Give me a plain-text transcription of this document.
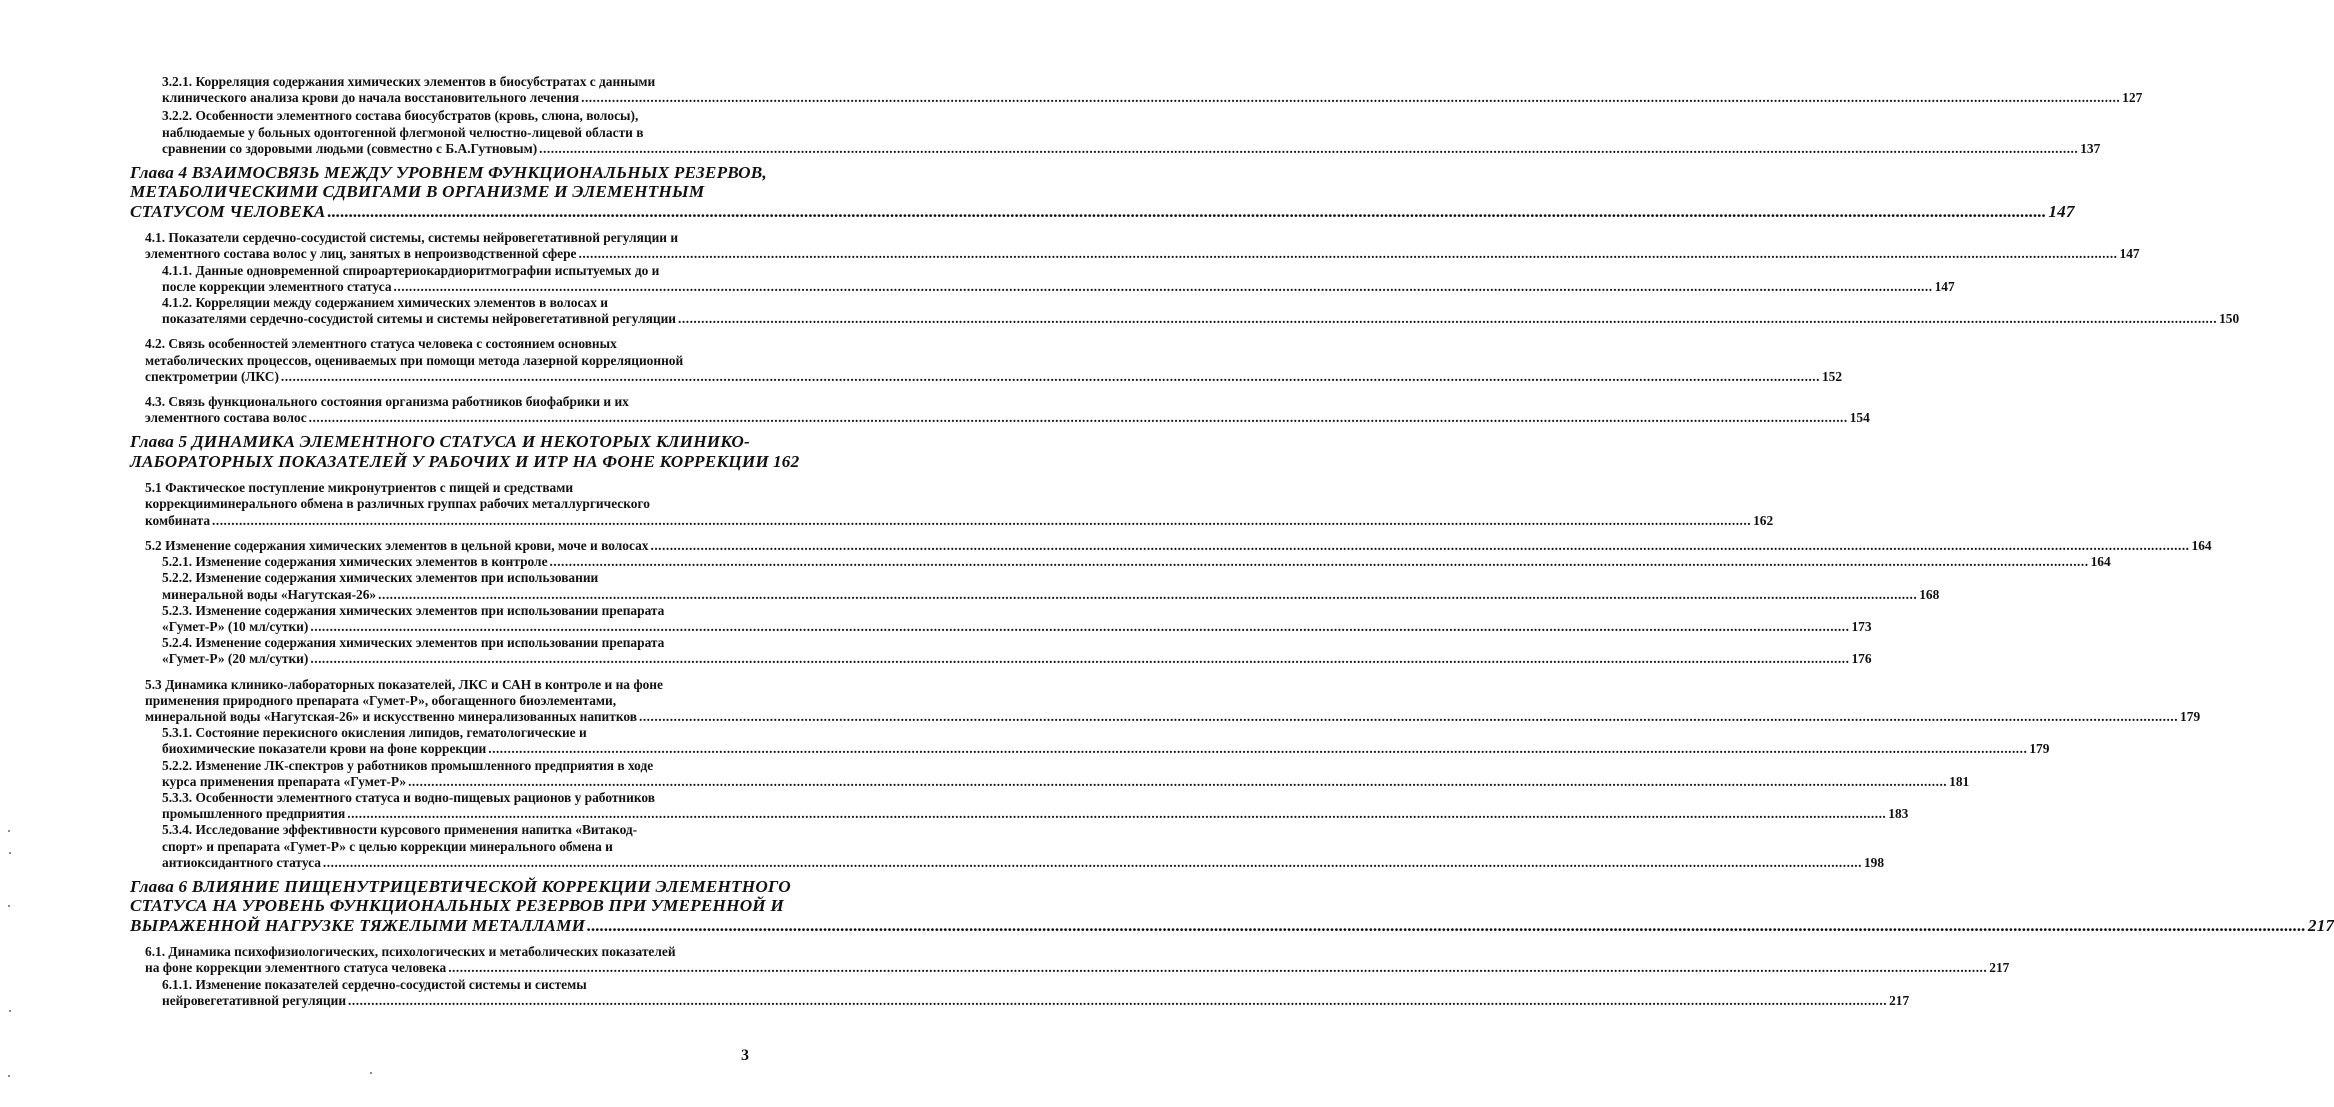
3.2.1. Корреляция содержания химических элементов в биосубстратах с данными
клинического анализа крови до начала восстановительного лечения ................................................................................................................................................................................................................................................................................................................................................................................................................ 127
3.2.2. Особенности элементного состава биосубстратов (кровь, слюна, волосы),
наблюдаемые у больных одонтогенной флегмоной челюстно-лицевой области в
сравнении со здоровыми людьми (совместно с Б.А.Гутновым) ................................................................................................................................................................................................................................................................................................................................................................................................................ 137
Глава 4 ВЗАИМОСВЯЗЬ МЕЖДУ УРОВНЕМ ФУНКЦИОНАЛЬНЫХ РЕЗЕРВОВ,
МЕТАБОЛИЧЕСКИМИ СДВИГАМИ В ОРГАНИЗМЕ И ЭЛЕМЕНТНЫМ
СТАТУСОМ ЧЕЛОВЕКА ................................................................................................................................................................................................................................................................................................................................................................................................................ 147
4.1. Показатели сердечно-сосудистой системы, системы нейровегетативной регуляции и
элементного состава волос у лиц, занятых в непроизводственной сфере ................................................................................................................................................................................................................................................................................................................................................................................................................ 147
4.1.1. Данные одновременной спироартериокардиоритмографии испытуемых до и
после коррекции элементного статуса ................................................................................................................................................................................................................................................................................................................................................................................................................ 147
4.1.2. Корреляции между содержанием химических элементов в волосах и
показателями сердечно-сосудистой ситемы и системы нейровегетативной регуляции ................................................................................................................................................................................................................................................................................................................................................................................................................ 150
4.2. Связь особенностей элементного статуса человека с состоянием основных
метаболических процессов, оцениваемых при помощи метода лазерной корреляционной
спектрометрии (ЛКС) ................................................................................................................................................................................................................................................................................................................................................................................................................ 152
4.3. Связь функционального состояния организма работников биофабрики и их
элементного состава волос ................................................................................................................................................................................................................................................................................................................................................................................................................ 154
Глава 5 ДИНАМИКА ЭЛЕМЕНТНОГО СТАТУСА И НЕКОТОРЫХ КЛИНИКО-
ЛАБОРАТОРНЫХ ПОКАЗАТЕЛЕЙ У РАБОЧИХ И ИТР НА ФОНЕ КОРРЕКЦИИ 162
5.1 Фактическое поступление микронутриентов с пищей и средствами
коррекцииминерального обмена в различных группах рабочих металлургического
комбината ................................................................................................................................................................................................................................................................................................................................................................................................................ 162
5.2 Изменение содержания химических элементов в цельной крови, моче и волосах ................................................................................................................................................................................................................................................................................................................................................................................................................ 164
5.2.1. Изменение содержания химических элементов в контроле ................................................................................................................................................................................................................................................................................................................................................................................................................ 164
5.2.2. Изменение содержания химических элементов при использовании
минеральной воды «Нагутская-26» ................................................................................................................................................................................................................................................................................................................................................................................................................ 168
5.2.3. Изменение содержания химических элементов при использовании препарата
«Гумет-Р» (10 мл/сутки) ................................................................................................................................................................................................................................................................................................................................................................................................................ 173
5.2.4. Изменение содержания химических элементов при использовании препарата
«Гумет-Р» (20 мл/сутки) ................................................................................................................................................................................................................................................................................................................................................................................................................ 176
5.3 Динамика клинико-лабораторных показателей, ЛКС и САН в контроле и на фоне
применения природного препарата «Гумет-Р», обогащенного биоэлементами,
минеральной воды «Нагутская-26» и искусственно минерализованных напитков ................................................................................................................................................................................................................................................................................................................................................................................................................ 179
5.3.1. Состояние перекисного окисления липидов, гематологические и
биохимические показатели крови на фоне коррекции ................................................................................................................................................................................................................................................................................................................................................................................................................ 179
5.2.2. Изменение ЛК-спектров у работников промышленного предприятия в ходе
курса применения препарата «Гумет-Р» ................................................................................................................................................................................................................................................................................................................................................................................................................ 181
5.3.3. Особенности элементного статуса и водно-пищевых рационов у работников
промышленного предприятия ................................................................................................................................................................................................................................................................................................................................................................................................................ 183
5.3.4. Исследование эффективности курсового применения напитка «Витакод-
спорт» и препарата «Гумет-Р» с целью коррекции минерального обмена и
антиоксидантного статуса ................................................................................................................................................................................................................................................................................................................................................................................................................ 198
Глава 6 ВЛИЯНИЕ ПИЩЕНУТРИЦЕВТИЧЕСКОЙ КОРРЕКЦИИ ЭЛЕМЕНТНОГО
СТАТУСА НА УРОВЕНЬ ФУНКЦИОНАЛЬНЫХ РЕЗЕРВОВ ПРИ УМЕРЕННОЙ И
ВЫРАЖЕННОЙ НАГРУЗКЕ ТЯЖЕЛЫМИ МЕТАЛЛАМИ ................................................................................................................................................................................................................................................................................................................................................................................................................ 217
6.1. Динамика психофизиологических, психологических и метаболических показателей
на фоне коррекции элементного статуса человека ................................................................................................................................................................................................................................................................................................................................................................................................................ 217
6.1.1. Изменение показателей сердечно-сосудистой системы и системы
нейровегетативной регуляции ................................................................................................................................................................................................................................................................................................................................................................................................................ 217
3
